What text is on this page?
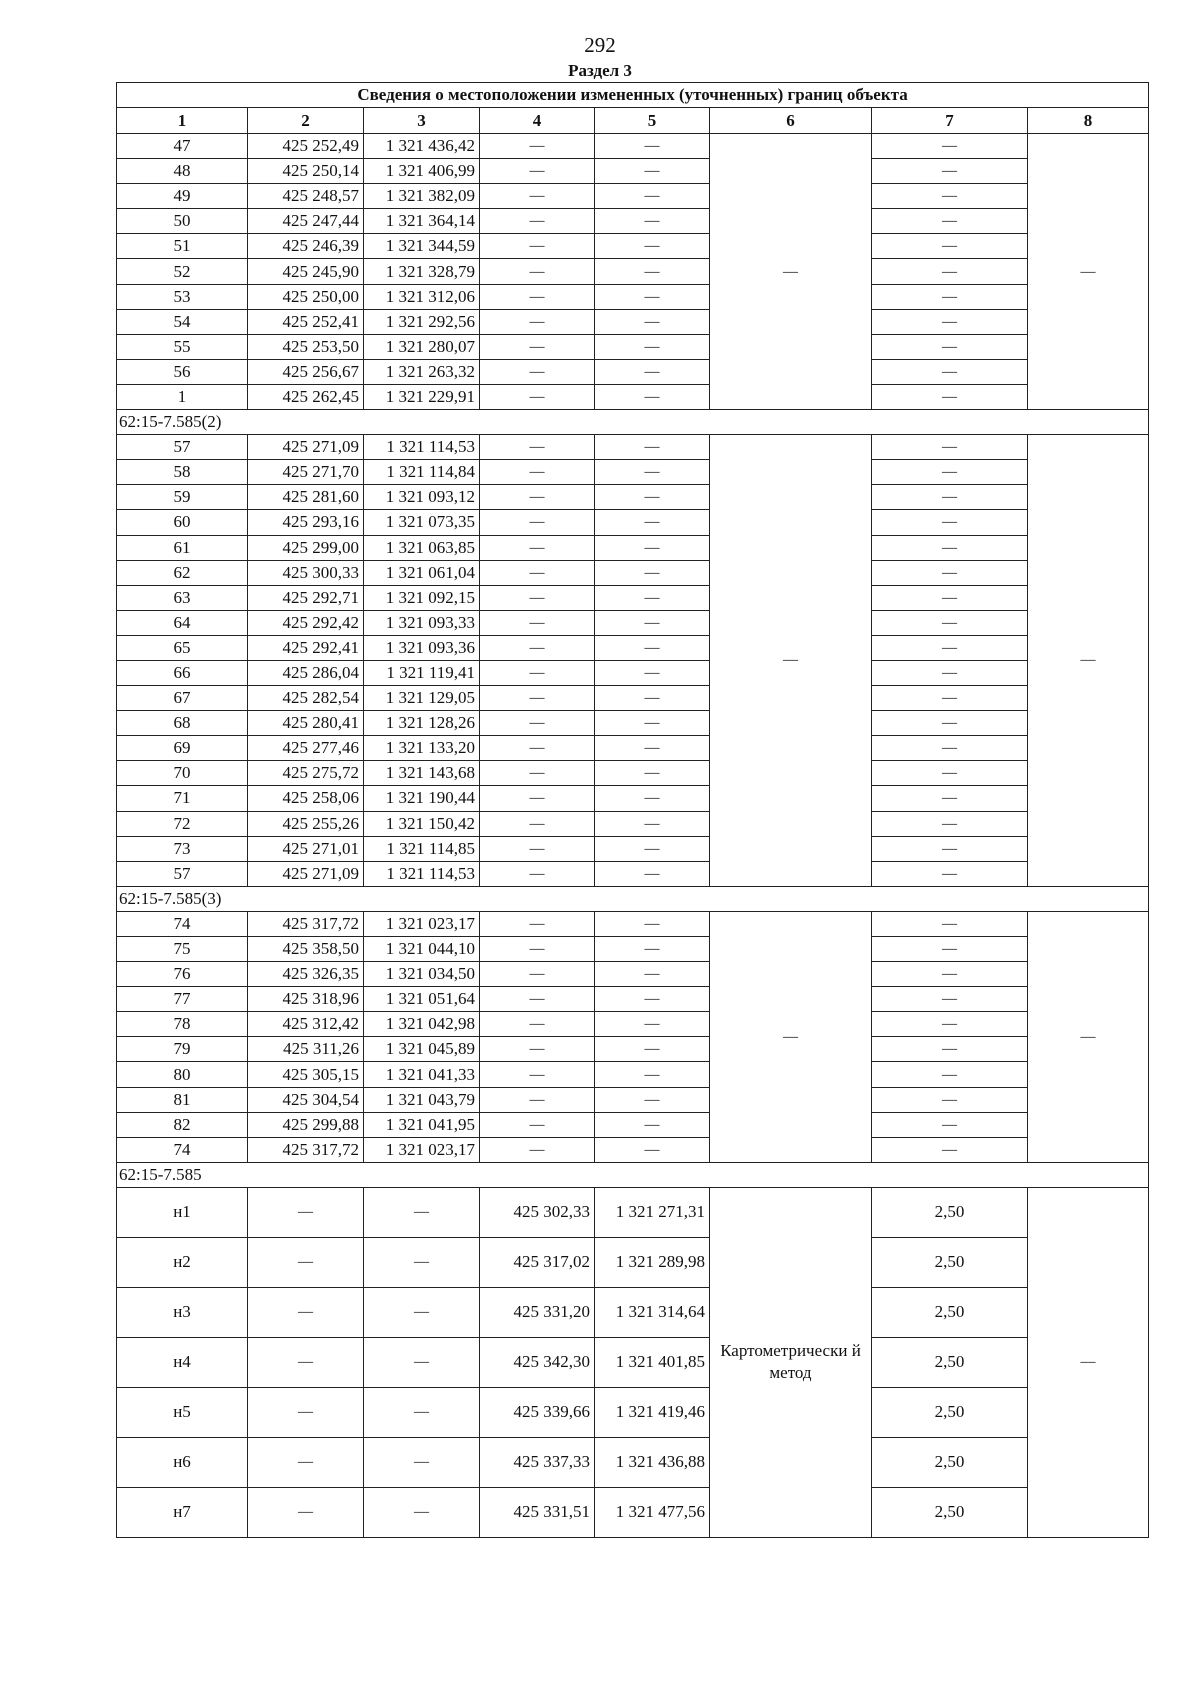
292
Раздел 3
Сведения о местоположении измененных (уточненных) границ объекта							
1	2	3	4	5	6	7	8
47	425 252,49	1 321 436,42	—	—	—	—	—
48	425 250,14	1 321 406,99	—	—		—	
49	425 248,57	1 321 382,09	—	—		—	
50	425 247,44	1 321 364,14	—	—		—	
51	425 246,39	1 321 344,59	—	—		—	
52	425 245,90	1 321 328,79	—	—		—	
53	425 250,00	1 321 312,06	—	—		—	
54	425 252,41	1 321 292,56	—	—		—	
55	425 253,50	1 321 280,07	—	—		—	
56	425 256,67	1 321 263,32	—	—		—	
1	425 262,45	1 321 229,91	—	—		—	
62:15-7.585(2)							
57	425 271,09	1 321 114,53	—	—	—	—	—
58	425 271,70	1 321 114,84	—	—		—	
59	425 281,60	1 321 093,12	—	—		—	
60	425 293,16	1 321 073,35	—	—		—	
61	425 299,00	1 321 063,85	—	—		—	
62	425 300,33	1 321 061,04	—	—		—	
63	425 292,71	1 321 092,15	—	—		—	
64	425 292,42	1 321 093,33	—	—		—	
65	425 292,41	1 321 093,36	—	—		—	
66	425 286,04	1 321 119,41	—	—		—	
67	425 282,54	1 321 129,05	—	—		—	
68	425 280,41	1 321 128,26	—	—		—	
69	425 277,46	1 321 133,20	—	—		—	
70	425 275,72	1 321 143,68	—	—		—	
71	425 258,06	1 321 190,44	—	—		—	
72	425 255,26	1 321 150,42	—	—		—	
73	425 271,01	1 321 114,85	—	—		—	
57	425 271,09	1 321 114,53	—	—		—	
62:15-7.585(3)							
74	425 317,72	1 321 023,17	—	—	—	—	—
75	425 358,50	1 321 044,10	—	—		—	
76	425 326,35	1 321 034,50	—	—		—	
77	425 318,96	1 321 051,64	—	—		—	
78	425 312,42	1 321 042,98	—	—		—	
79	425 311,26	1 321 045,89	—	—		—	
80	425 305,15	1 321 041,33	—	—		—	
81	425 304,54	1 321 043,79	—	—		—	
82	425 299,88	1 321 041,95	—	—		—	
74	425 317,72	1 321 023,17	—	—		—	
62:15-7.585							
н1	—	—	425 302,33	1 321 271,31	Картометрически й метод	2,50	—
н2	—	—	425 317,02	1 321 289,98		2,50	
н3	—	—	425 331,20	1 321 314,64		2,50	
н4	—	—	425 342,30	1 321 401,85		2,50	
н5	—	—	425 339,66	1 321 419,46		2,50	
н6	—	—	425 337,33	1 321 436,88		2,50	
н7	—	—	425 331,51	1 321 477,56		2,50	
